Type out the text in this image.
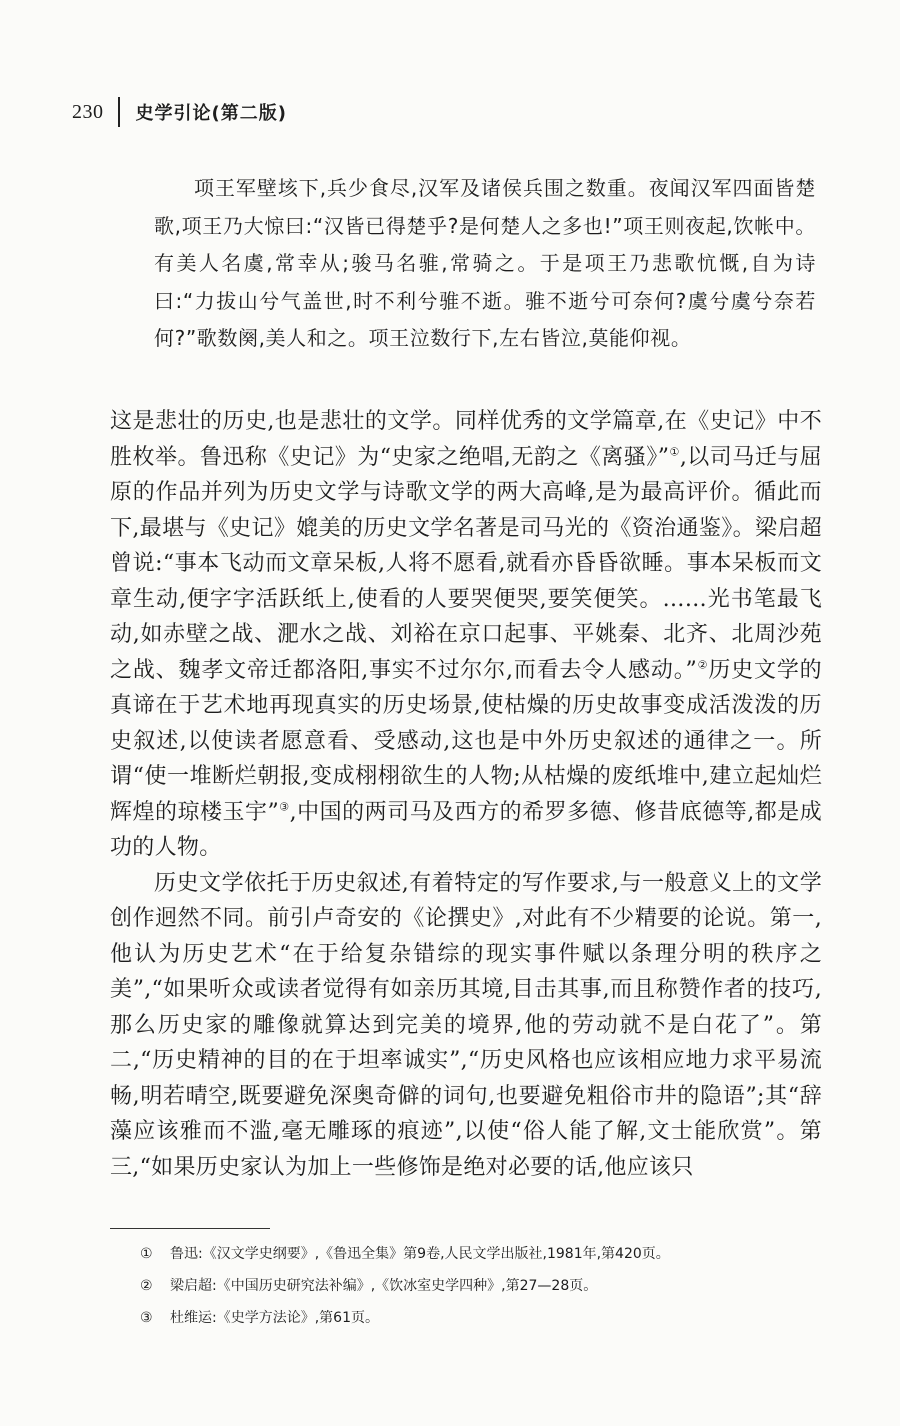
230 史学引论(第二版)

项王军壁垓下,兵少食尽,汉军及诸侯兵围之数重。夜闻汉军四面皆楚歌,项王乃大惊曰:“汉皆已得楚乎?是何楚人之多也!”项王则夜起,饮帐中。有美人名虞,常幸从;骏马名骓,常骑之。于是项王乃悲歌忼慨,自为诗曰:“力拔山兮气盖世,时不利兮骓不逝。骓不逝兮可奈何?虞兮虞兮奈若何?”歌数阕,美人和之。项王泣数行下,左右皆泣,莫能仰视。

这是悲壮的历史,也是悲壮的文学。同样优秀的文学篇章,在《史记》中不胜枚举。鲁迅称《史记》为“史家之绝唱,无韵之《离骚》”①,以司马迁与屈原的作品并列为历史文学与诗歌文学的两大高峰,是为最高评价。循此而下,最堪与《史记》媲美的历史文学名著是司马光的《资治通鉴》。梁启超曾说:“事本飞动而文章呆板,人将不愿看,就看亦昏昏欲睡。事本呆板而文章生动,便字字活跃纸上,使看的人要哭便哭,要笑便笑。……光书笔最飞动,如赤壁之战、淝水之战、刘裕在京口起事、平姚秦、北齐、北周沙苑之战、魏孝文帝迁都洛阳,事实不过尔尔,而看去令人感动。”②历史文学的真谛在于艺术地再现真实的历史场景,使枯燥的历史故事变成活泼泼的历史叙述,以使读者愿意看、受感动,这也是中外历史叙述的通律之一。所谓“使一堆断烂朝报,变成栩栩欲生的人物;从枯燥的废纸堆中,建立起灿烂辉煌的琼楼玉宇”③,中国的两司马及西方的希罗多德、修昔底德等,都是成功的人物。

历史文学依托于历史叙述,有着特定的写作要求,与一般意义上的文学创作迥然不同。前引卢奇安的《论撰史》,对此有不少精要的论说。第一,他认为历史艺术“在于给复杂错综的现实事件赋以条理分明的秩序之美”,“如果听众或读者觉得有如亲历其境,目击其事,而且称赞作者的技巧,那么历史家的雕像就算达到完美的境界,他的劳动就不是白花了”。第二,“历史精神的目的在于坦率诚实”,“历史风格也应该相应地力求平易流畅,明若晴空,既要避免深奥奇僻的词句,也要避免粗俗市井的隐语”;其“辞藻应该雅而不滥,毫无雕琢的痕迹”,以使“俗人能了解,文士能欣赏”。第三,“如果历史家认为加上一些修饰是绝对必要的话,他应该只

①	鲁迅:《汉文学史纲要》,《鲁迅全集》第9卷,人民文学出版社,1981年,第420页。
②	梁启超:《中国历史研究法补编》,《饮冰室史学四种》,第27—28页。
③	杜维运:《史学方法论》,第61页。
